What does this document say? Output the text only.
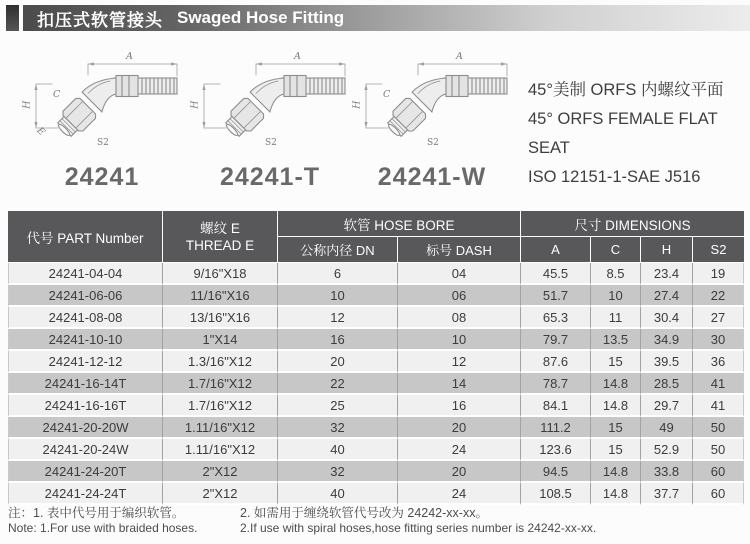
扣压式软管接头 Swaged Hose Fitting
A
H
C
E
S2
24241
A
H
S2
24241-T
A
H
C
S2
24241-W
45°美制 ORFS 内螺纹平面
45° ORFS FEMALE FLAT SEAT
ISO 12151-1-SAE J516
代号 PART Number	螺纹 E
THREAD E	软管 HOSE BORE		尺寸 DIMENSIONS			
		公称内径 DN	标号 DASH	A	C	H	S2
24241-04-04	9/16"X18	6	04	45.5	8.5	23.4	19
24241-06-06	11/16"X16	10	06	51.7	10	27.4	22
24241-08-08	13/16"X16	12	08	65.3	11	30.4	27
24241-10-10	1"X14	16	10	79.7	13.5	34.9	30
24241-12-12	1.3/16"X12	20	12	87.6	15	39.5	36
24241-16-14T	1.7/16"X12	22	14	78.7	14.8	28.5	41
24241-16-16T	1.7/16"X12	25	16	84.1	14.8	29.7	41
24241-20-20W	1.11/16"X12	32	20	111.2	15	49	50
24241-20-24W	1.11/16"X12	40	24	123.6	15	52.9	50
24241-24-20T	2"X12	32	20	94.5	14.8	33.8	60
24241-24-24T	2"X12	40	24	108.5	14.8	37.7	60
注：1. 表中代号用于编织软管。	2. 如需用于缠绕软管代号改为 24242-xx-xx。
Note: 1.For use with braided hoses.	2.If use with spiral hoses,hose fitting series number is 24242-xx-xx.
